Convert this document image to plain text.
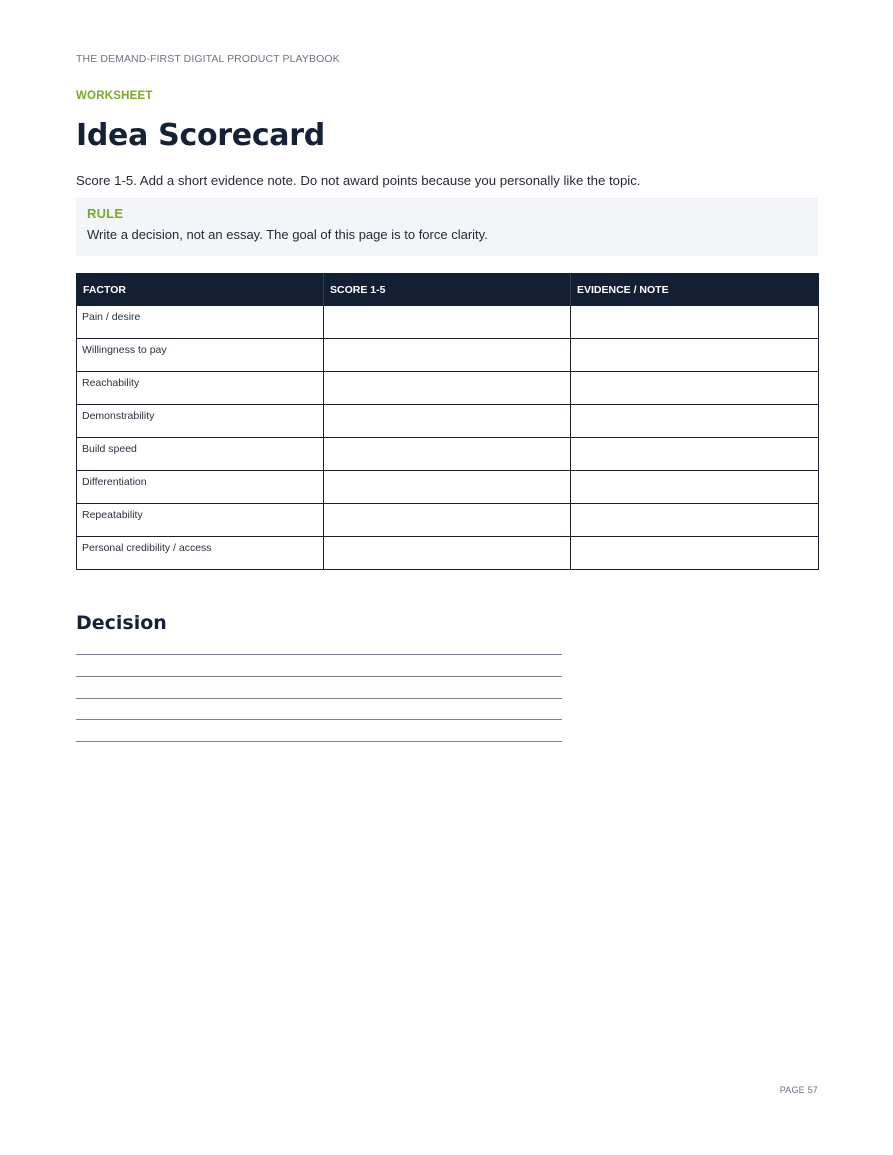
THE DEMAND-FIRST DIGITAL PRODUCT PLAYBOOK
WORKSHEET
Idea Scorecard
Score 1-5. Add a short evidence note. Do not award points because you personally like the topic.
RULE
Write a decision, not an essay. The goal of this page is to force clarity.
FACTOR	SCORE 1-5	EVIDENCE / NOTE
Pain / desire		
Willingness to pay		
Reachability		
Demonstrability		
Build speed		
Differentiation		
Repeatability		
Personal credibility / access		
Decision
PAGE 57
